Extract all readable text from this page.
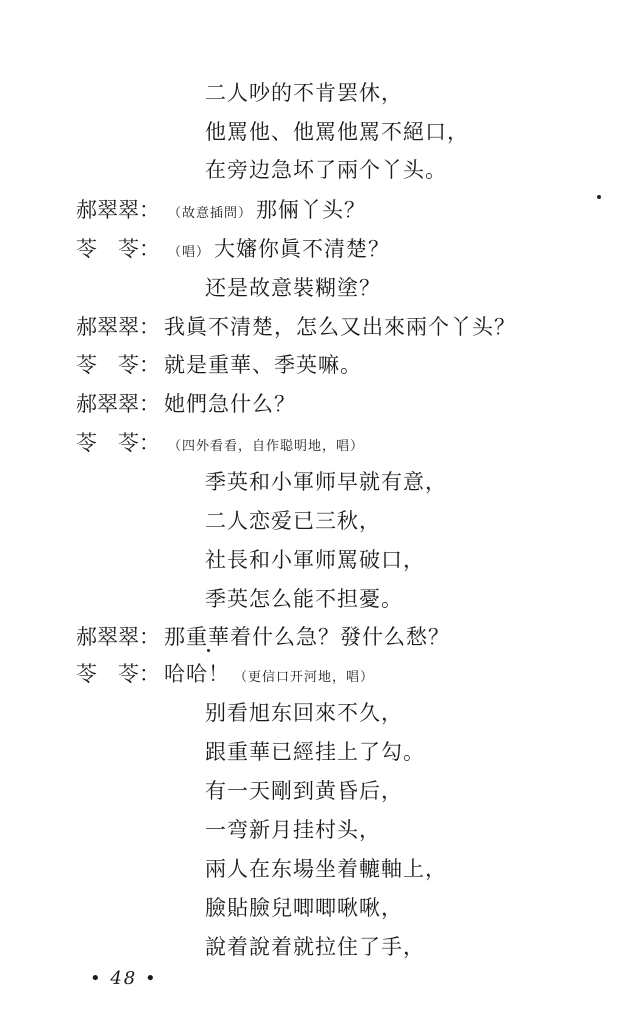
二人吵的不肯罢休，
他罵他、他罵他罵不絕口，
在旁边急坏了兩个丫头。
郝翠翠： （故意插問） 那倆丫头？
苓　苓： （唱） 大嬸你眞不清楚？
还是故意裝糊塗？
郝翠翠： 我眞不清楚，怎么又出來兩个丫头？
苓　苓： 就是重華、季英嘛。
郝翠翠： 她們急什么？
苓　苓： （四外看看，自作聪明地，唱）
季英和小軍师早就有意，
二人恋爱已三秋，
社長和小軍师罵破口，
季英怎么能不担憂。
郝翠翠： 那重華着什么急？發什么愁？
苓　苓： 哈哈！ （更信口开河地，唱）
别看旭东回來不久，
跟重華已經挂上了勾。
有一天剛到黄昏后，
一弯新月挂村头，
兩人在东場坐着轆軸上，
臉貼臉兒唧唧啾啾，
說着說着就拉住了手，
• 48 •
